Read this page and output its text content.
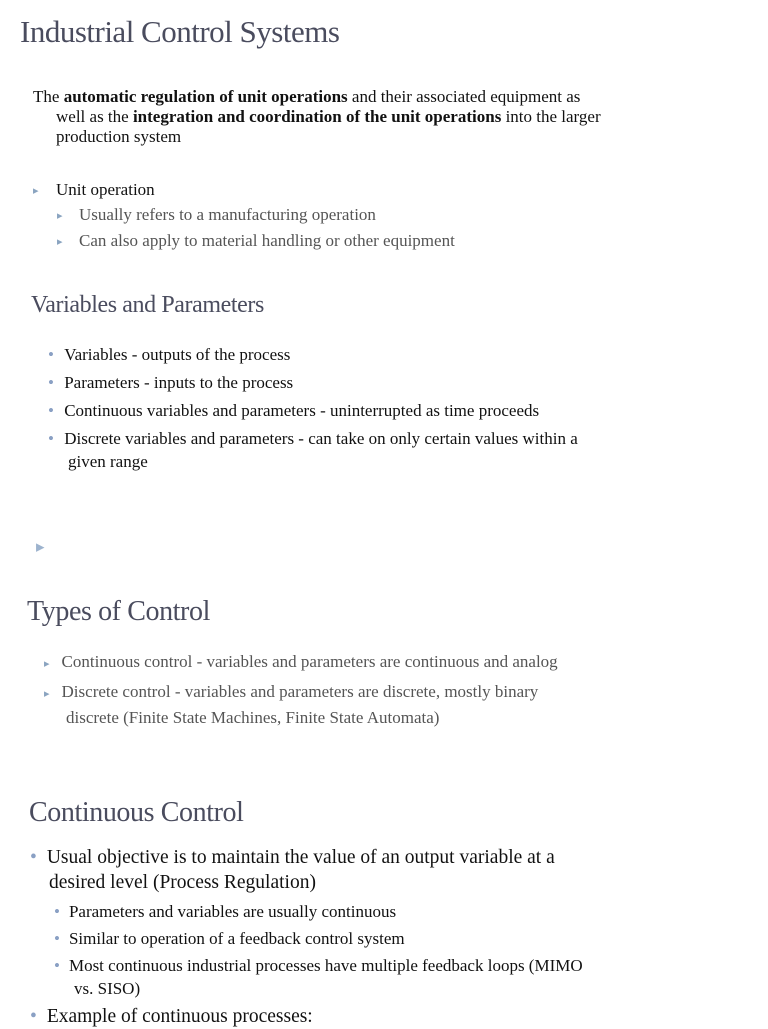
Industrial Control Systems
The automatic regulation of unit operations and their associated equipment as
well as the integration and coordination of the unit operations into the larger
production system
▸ Unit operation
▸ Usually refers to a manufacturing operation
▸ Can also apply to material handling or other equipment
Variables and Parameters
• Variables - outputs of the process
• Parameters - inputs to the process
• Continuous variables and parameters - uninterrupted as time proceeds
• Discrete variables and parameters - can take on only certain values within a
given range
▸
Types of Control
▸ Continuous control - variables and parameters are continuous and analog
▸ Discrete control - variables and parameters are discrete, mostly binary
discrete (Finite State Machines, Finite State Automata)
Continuous Control
• Usual objective is to maintain the value of an output variable at a
desired level (Process Regulation)
• Parameters and variables are usually continuous
• Similar to operation of a feedback control system
• Most continuous industrial processes have multiple feedback loops (MIMO
vs. SISO)
• Example of continuous processes:
